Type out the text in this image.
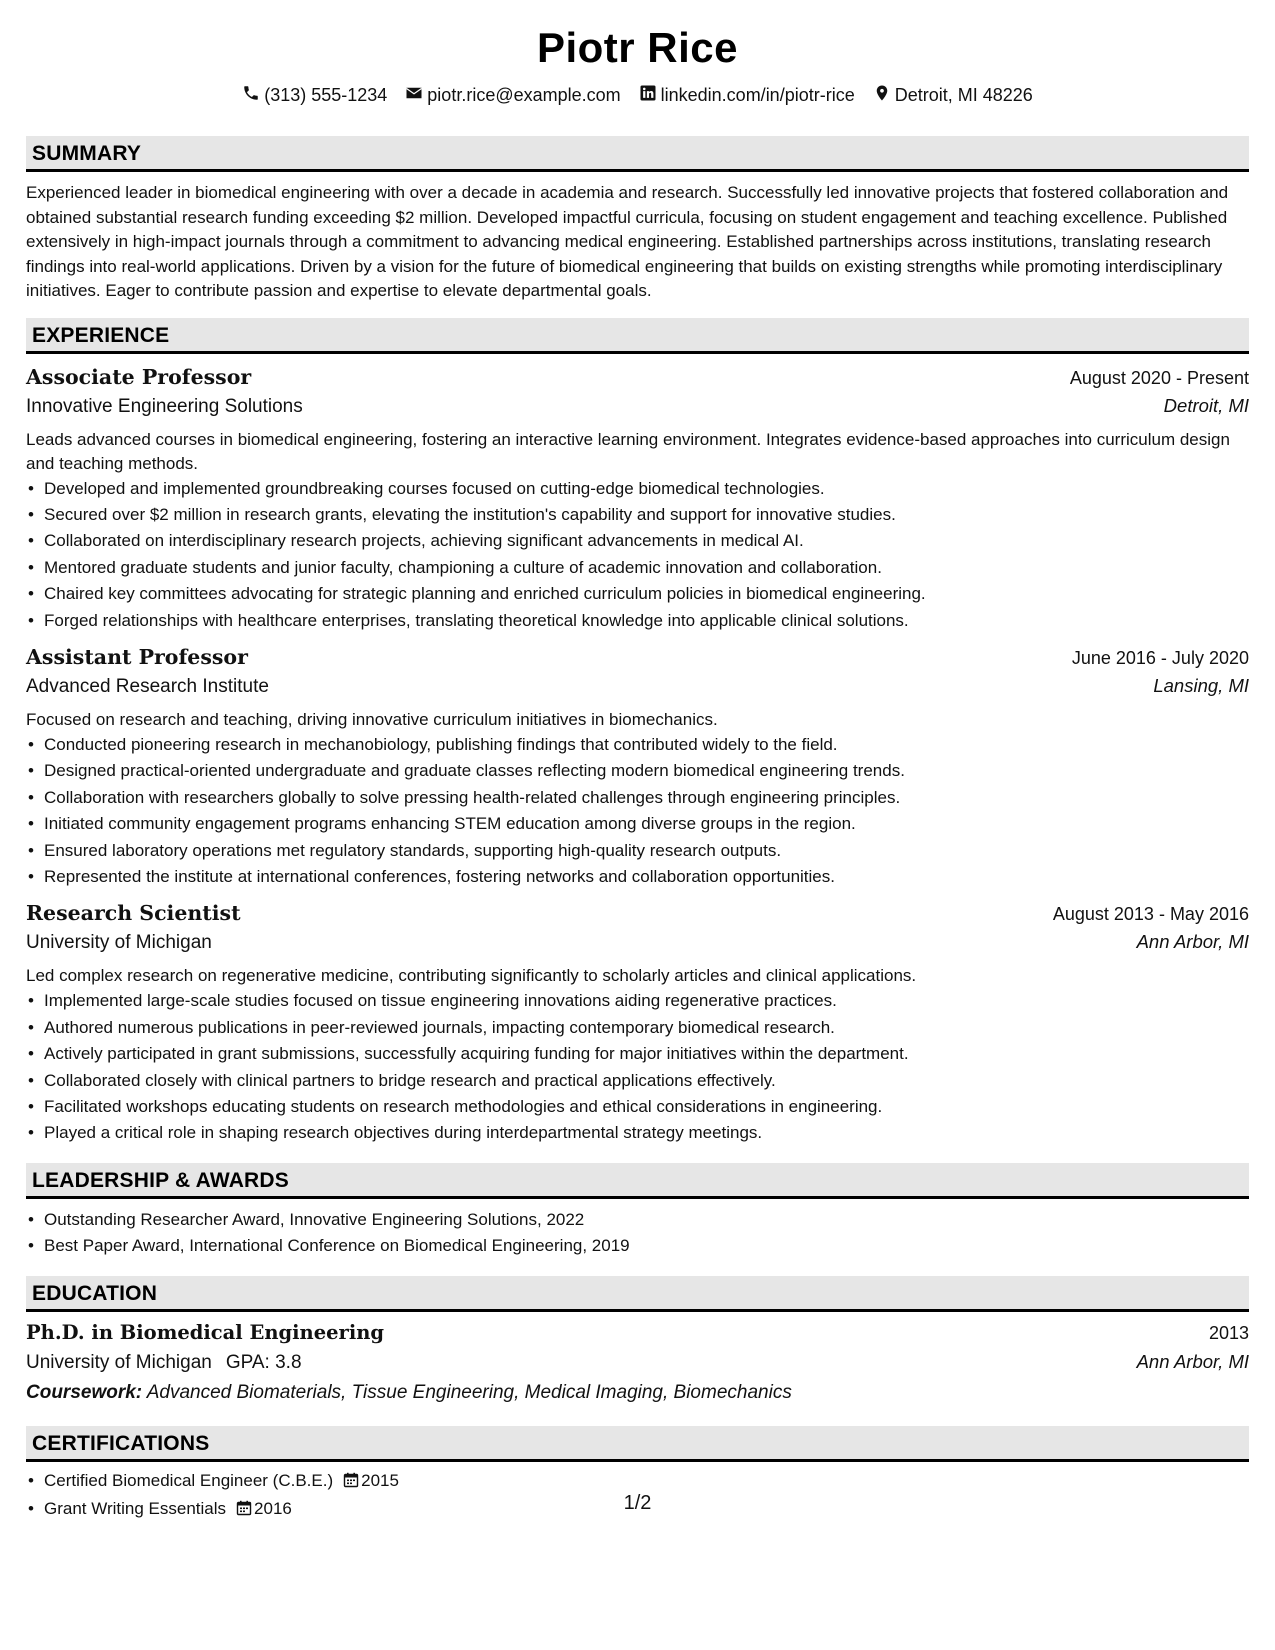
Piotr Rice
(313) 555-1234 piotr.rice@example.com linkedin.com/in/piotr-rice Detroit, MI 48226
SUMMARY
Experienced leader in biomedical engineering with over a decade in academia and research. Successfully led innovative projects that fostered collaboration and obtained substantial research funding exceeding $2 million. Developed impactful curricula, focusing on student engagement and teaching excellence. Published extensively in high-impact journals through a commitment to advancing medical engineering. Established partnerships across institutions, translating research findings into real-world applications. Driven by a vision for the future of biomedical engineering that builds on existing strengths while promoting interdisciplinary initiatives. Eager to contribute passion and expertise to elevate departmental goals.
EXPERIENCE
Associate Professor	August 2020 - Present
Innovative Engineering Solutions	Detroit, MI
Leads advanced courses in biomedical engineering, fostering an interactive learning environment. Integrates evidence-based approaches into curriculum design and teaching methods.
• Developed and implemented groundbreaking courses focused on cutting-edge biomedical technologies.
• Secured over $2 million in research grants, elevating the institution's capability and support for innovative studies.
• Collaborated on interdisciplinary research projects, achieving significant advancements in medical AI.
• Mentored graduate students and junior faculty, championing a culture of academic innovation and collaboration.
• Chaired key committees advocating for strategic planning and enriched curriculum policies in biomedical engineering.
• Forged relationships with healthcare enterprises, translating theoretical knowledge into applicable clinical solutions.
Assistant Professor	June 2016 - July 2020
Advanced Research Institute	Lansing, MI
Focused on research and teaching, driving innovative curriculum initiatives in biomechanics.
• Conducted pioneering research in mechanobiology, publishing findings that contributed widely to the field.
• Designed practical-oriented undergraduate and graduate classes reflecting modern biomedical engineering trends.
• Collaboration with researchers globally to solve pressing health-related challenges through engineering principles.
• Initiated community engagement programs enhancing STEM education among diverse groups in the region.
• Ensured laboratory operations met regulatory standards, supporting high-quality research outputs.
• Represented the institute at international conferences, fostering networks and collaboration opportunities.
Research Scientist	August 2013 - May 2016
University of Michigan	Ann Arbor, MI
Led complex research on regenerative medicine, contributing significantly to scholarly articles and clinical applications.
• Implemented large-scale studies focused on tissue engineering innovations aiding regenerative practices.
• Authored numerous publications in peer-reviewed journals, impacting contemporary biomedical research.
• Actively participated in grant submissions, successfully acquiring funding for major initiatives within the department.
• Collaborated closely with clinical partners to bridge research and practical applications effectively.
• Facilitated workshops educating students on research methodologies and ethical considerations in engineering.
• Played a critical role in shaping research objectives during interdepartmental strategy meetings.
LEADERSHIP & AWARDS
• Outstanding Researcher Award, Innovative Engineering Solutions, 2022
• Best Paper Award, International Conference on Biomedical Engineering, 2019
EDUCATION
Ph.D. in Biomedical Engineering	2013
University of Michigan GPA: 3.8	Ann Arbor, MI
Coursework: Advanced Biomaterials, Tissue Engineering, Medical Imaging, Biomechanics
CERTIFICATIONS
• Certified Biomedical Engineer (C.B.E.) 2015
• Grant Writing Essentials 2016	1/2
